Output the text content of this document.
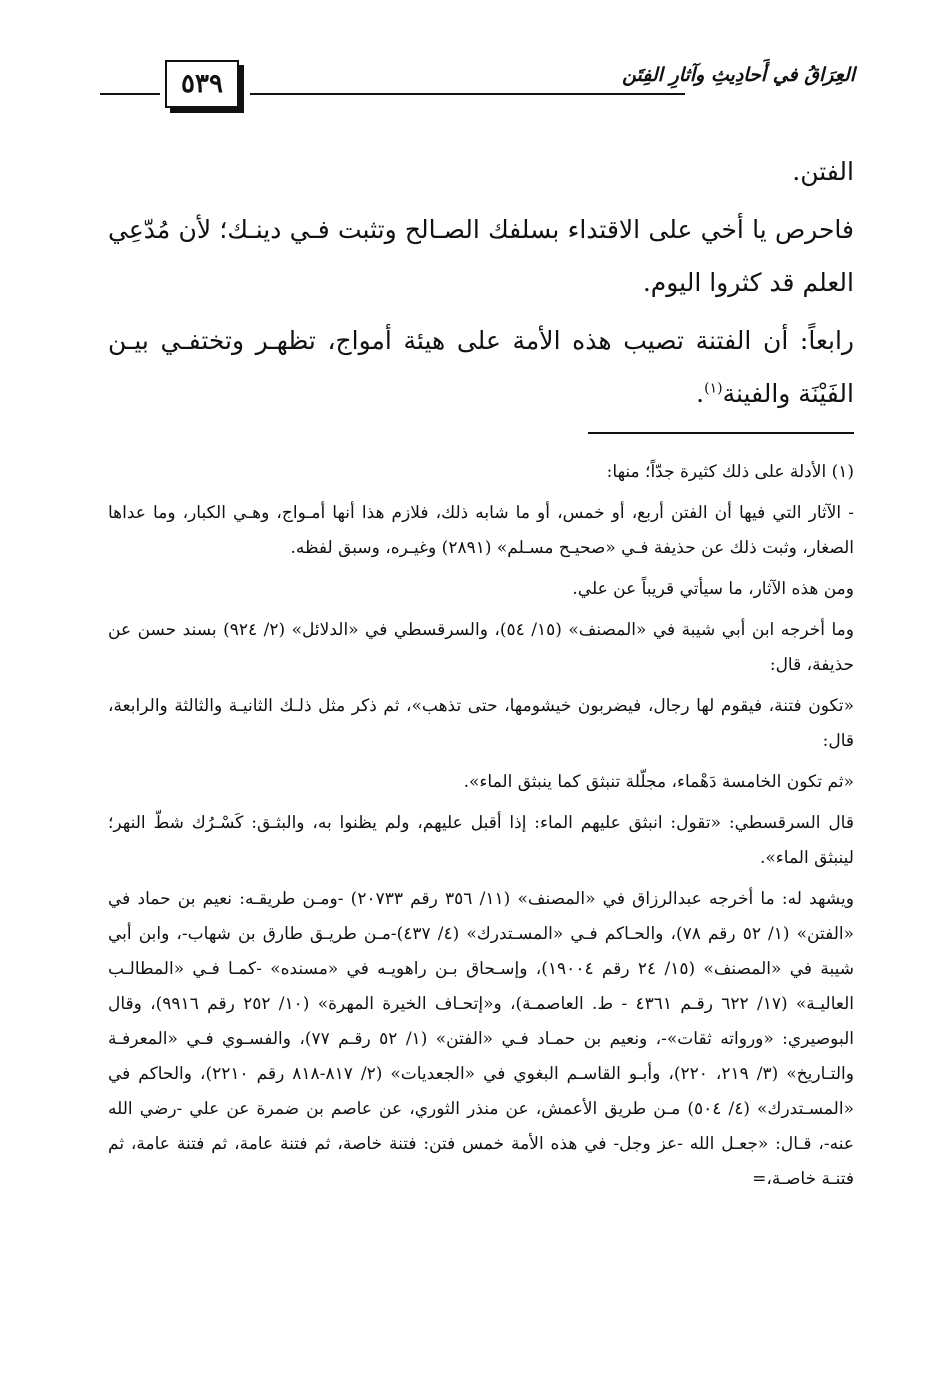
٥٣٩	العِرَاقُ في أَحادِيثِ وآثارِ الفِتَن

الفتن.

فاحرص يا أخي على الاقتداء بسلفك الصـالح وتثبت فـي دينـك؛ لأن مُدّعِي العلم قد كثروا اليوم.

رابعاً: أن الفتنة تصيب هذه الأمة على هيئة أمواج، تظهـر وتختفـي بيـن الفَيْنَة والفينة$^{(١)}$.

(١) الأدلة على ذلك كثيرة جدّاً؛ منها:

- الآثار التي فيها أن الفتن أربع، أو خمس، أو ما شابه ذلك، فلازم هذا أنها أمـواج، وهـي الكبار، وما عداها الصغار، وثبت ذلك عن حذيفة فـي «صحيـح مسـلم» (٢٨٩١) وغيـره، وسبق لفظه.

ومن هذه الآثار، ما سيأتي قريباً عن علي.

وما أخرجه ابن أبي شيبة في «المصنف» (١٥/ ٥٤)، والسرقسطي في «الدلائل» (٢/ ٩٢٤) بسند حسن عن حذيفة، قال:

«تكون فتنة، فيقوم لها رجال، فيضربون خيشومها، حتى تذهب»، ثم ذكر مثل ذلـك الثانيـة والثالثة والرابعة، قال:

«ثم تكون الخامسة دَهْماء، مجلّلة تنبثق كما ينبثق الماء».

قال السرقسطي: «تقول: انبثق عليهم الماء: إذا أقبل عليهم، ولم يظنوا به، والبثـق: كَسْـرُك شطّ النهر؛ لينبثق الماء».

ويشهد له: ما أخرجه عبدالرزاق في «المصنف» (١١/ ٣٥٦ رقم ٢٠٧٣٣) -ومـن طريقـه: نعيم بن حماد في «الفتن» (١/ ٥٢ رقم ٧٨)، والحـاكم فـي «المسـتدرك» (٤/ ٤٣٧)-مـن طريـق طارق بن شهاب-، وابن أبي شيبة في «المصنف» (١٥/ ٢٤ رقم ١٩٠٠٤)، وإسـحاق بـن راهويـه في «مسنده» -كمـا فـي «المطالـب العاليـة» (١٧/ ٦٢٢ رقـم ٤٣٦١ - ط. العاصمـة)، و«إتحـاف الخيرة المهرة» (١٠/ ٢٥٢ رقم ٩٩١٦)، وقال البوصيري: «ورواته ثقات»-، ونعيم بن حمـاد فـي «الفتن» (١/ ٥٢ رقـم ٧٧)، والفسـوي فـي «المعرفـة والتـاريخ» (٣/ ٢١٩، ٢٢٠)، وأبـو القاسـم البغوي في «الجعديات» (٢/ ٨١٧-٨١٨ رقم ٢٢١٠)، والحاكم في «المسـتدرك» (٤/ ٥٠٤) مـن طريق الأعمش، عن منذر الثوري، عن عاصم بن ضمرة عن علي -رضي الله عنه-، قـال: «جعـل الله -عز وجل- في هذه الأمة خمس فتن: فتنة خاصة، ثم فتنة عامة، ثم فتنة عامة، ثم فتنـة خاصـة،=
